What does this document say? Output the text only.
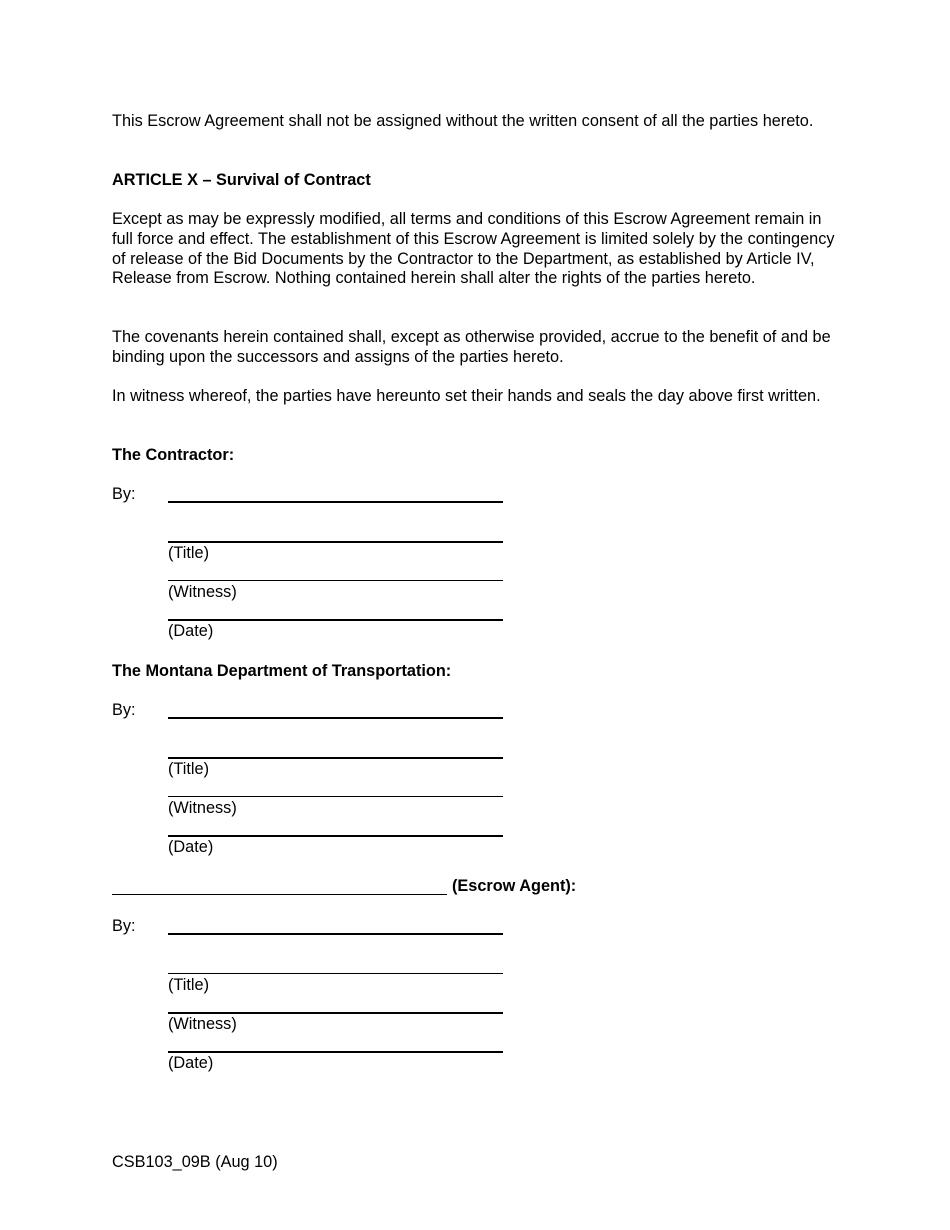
This Escrow Agreement shall not be assigned without the written consent of all the parties hereto.

ARTICLE X – Survival of Contract

Except as may be expressly modified, all terms and conditions of this Escrow Agreement remain in full force and effect. The establishment of this Escrow Agreement is limited solely by the contingency of release of the Bid Documents by the Contractor to the Department, as established by Article IV, Release from Escrow. Nothing contained herein shall alter the rights of the parties hereto.

The covenants herein contained shall, except as otherwise provided, accrue to the benefit of and be binding upon the successors and assigns of the parties hereto.

In witness whereof, the parties have hereunto set their hands and seals the day above first written.

The Contractor:

By:
(Title)
(Witness)
(Date)

The Montana Department of Transportation:

By:
(Title)
(Witness)
(Date)
(Escrow Agent):
By:
(Title)
(Witness)
(Date)
CSB103_09B (Aug 10)
